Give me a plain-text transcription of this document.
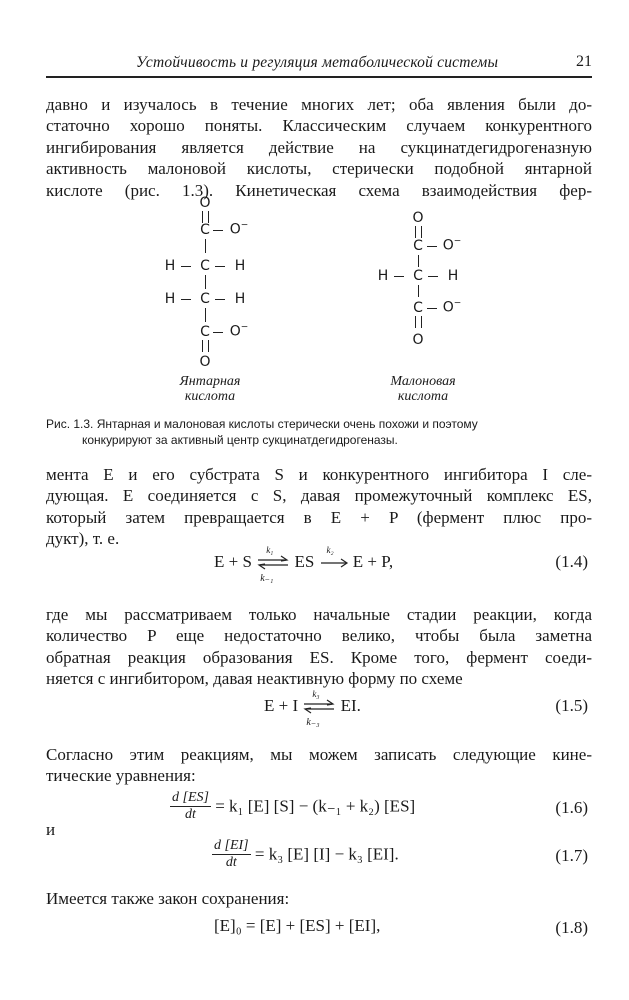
Устойчивость и регуляция метаболической системы	21
давно и изучалось в течение многих лет; оба явления были до-
статочно хорошо поняты. Классическим случаем конкурентного
ингибирования является действие на сукцинатдегидрогеназную
активность малоновой кислоты, стерически подобной янтарной
кислоте (рис. 1.3). Кинетическая схема взаимодействия фер-
O
C O−
H C H
H C H
C O−
O
Янтарная
кислота
O
C O−
H C H
C O−
O
Малоновая
кислота
Рис. 1.3. Янтарная и малоновая кислоты стерически очень похожи и поэтому
конкурируют за активный центр сукцинатдегидрогеназы.
мента E и его субстрата S и конкурентного ингибитора I сле-
дующая. E соединяется с S, давая промежуточный комплекс ES,
который затем превращается в E + P (фермент плюс про-
дукт), т. е.
E + S
k₁
k₋₁
ES
k₂
E + P,	(1.4)
где мы рассматриваем только начальные стадии реакции, когда
количество P еще недостаточно велико, чтобы была заметна
обратная реакция образования ES. Кроме того, фермент соеди-
няется с ингибитором, давая неактивную форму по схеме
E + I
k₃
k₋₃
EI.	(1.5)
Согласно этим реакциям, мы можем записать следующие кине-
тические уравнения:
$\frac{d [ES]}{dt} = k_1$ [E] [S] − (k₋₁ + k₂) [ES]	(1.6)
и
$\frac{d [EI]}{dt} = k_3$ [E] [I] − k₃ [EI].	(1.7)
Имеется также закон сохранения:
[E]₀ = [E] + [ES] + [EI],	(1.8)
